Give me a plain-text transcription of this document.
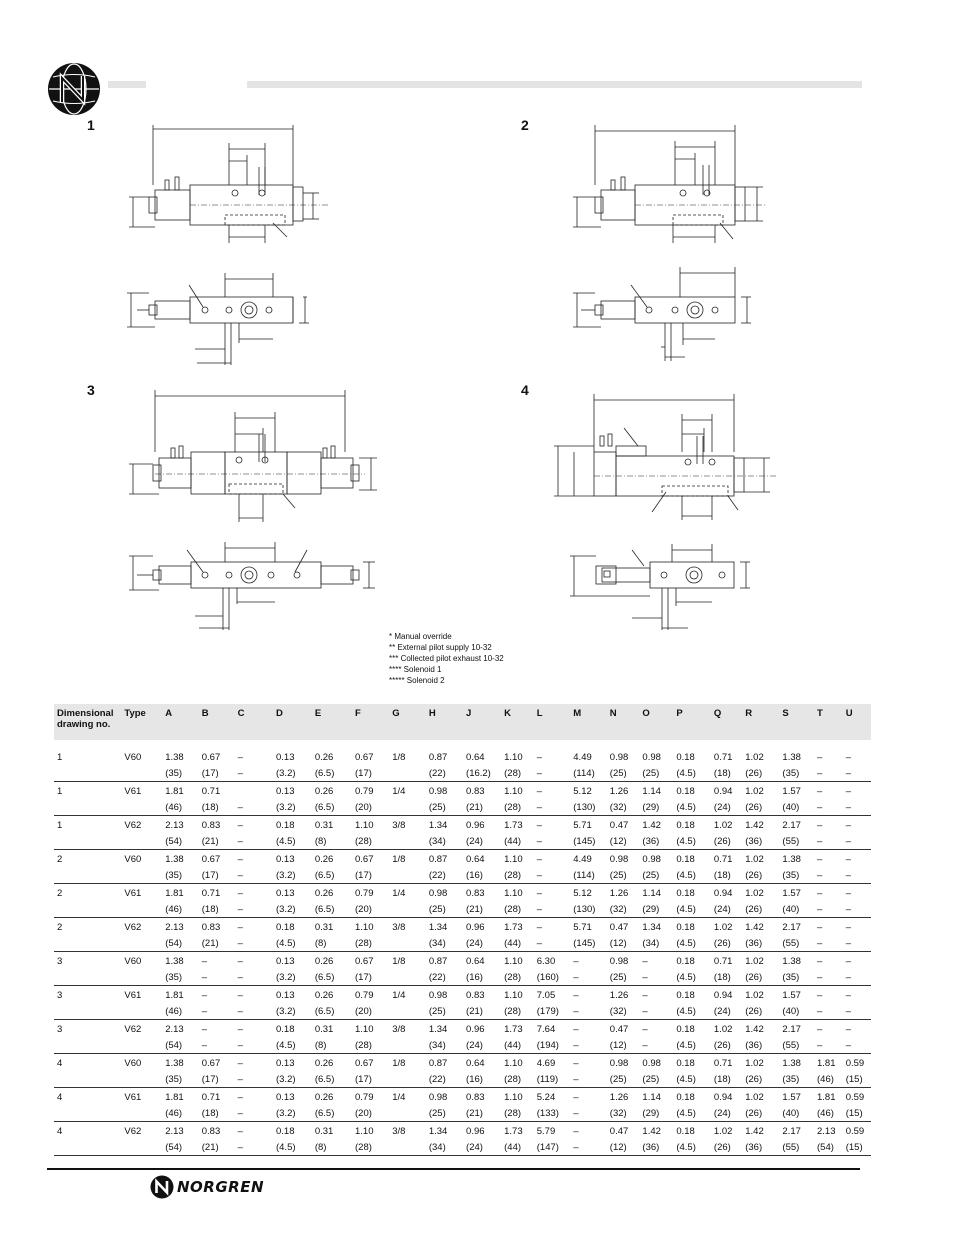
1	2
3	4
* Manual override
** External pilot supply 10-32
*** Collected pilot exhaust 10-32
**** Solenoid 1
***** Solenoid 2
Dimensional drawing no.	Type	A	B	C	D	E	F	G	H	J	K	L	M	N	O	P	Q	R	S	T	U
1	V60	1.38	0.67	–	0.13	0.26	0.67	1/8	0.87	0.64	1.10	–	4.49	0.98	0.98	0.18	0.71	1.02	1.38	–	–
		(35)	(17)	–	(3.2)	(6.5)	(17)		(22)	(16.2)	(28)	–	(114)	(25)	(25)	(4.5)	(18)	(26)	(35)	–	–
1	V61	1.81	0.71		0.13	0.26	0.79	1/4	0.98	0.83	1.10	–	5.12	1.26	1.14	0.18	0.94	1.02	1.57	–	–
		(46)	(18)	–	(3.2)	(6.5)	(20)		(25)	(21)	(28)	–	(130)	(32)	(29)	(4.5)	(24)	(26)	(40)	–	–
1	V62	2.13	0.83	–	0.18	0.31	1.10	3/8	1.34	0.96	1.73	–	5.71	0.47	1.42	0.18	1.02	1.42	2.17	–	–
		(54)	(21)	–	(4.5)	(8)	(28)		(34)	(24)	(44)	–	(145)	(12)	(36)	(4.5)	(26)	(36)	(55)	–	–
2	V60	1.38	0.67	–	0.13	0.26	0.67	1/8	0.87	0.64	1.10	–	4.49	0.98	0.98	0.18	0.71	1.02	1.38	–	–
		(35)	(17)	–	(3.2)	(6.5)	(17)		(22)	(16)	(28)	–	(114)	(25)	(25)	(4.5)	(18)	(26)	(35)	–	–
2	V61	1.81	0.71	–	0.13	0.26	0.79	1/4	0.98	0.83	1.10	–	5.12	1.26	1.14	0.18	0.94	1.02	1.57	–	–
		(46)	(18)	–	(3.2)	(6.5)	(20)		(25)	(21)	(28)	–	(130)	(32)	(29)	(4.5)	(24)	(26)	(40)	–	–
2	V62	2.13	0.83	–	0.18	0.31	1.10	3/8	1.34	0.96	1.73	–	5.71	0.47	1.34	0.18	1.02	1.42	2.17	–	–
		(54)	(21)	–	(4.5)	(8)	(28)		(34)	(24)	(44)	–	(145)	(12)	(34)	(4.5)	(26)	(36)	(55)	–	–
3	V60	1.38	–	–	0.13	0.26	0.67	1/8	0.87	0.64	1.10	6.30	–	0.98	–	0.18	0.71	1.02	1.38	–	–
		(35)	–	–	(3.2)	(6.5)	(17)		(22)	(16)	(28)	(160)	–	(25)	–	(4.5)	(18)	(26)	(35)	–	–
3	V61	1.81	–	–	0.13	0.26	0.79	1/4	0.98	0.83	1.10	7.05	–	1.26	–	0.18	0.94	1.02	1.57	–	–
		(46)	–	–	(3.2)	(6.5)	(20)		(25)	(21)	(28)	(179)	–	(32)	–	(4.5)	(24)	(26)	(40)	–	–
3	V62	2.13	–	–	0.18	0.31	1.10	3/8	1.34	0.96	1.73	7.64	–	0.47	–	0.18	1.02	1.42	2.17	–	–
		(54)	–	–	(4.5)	(8)	(28)		(34)	(24)	(44)	(194)	–	(12)	–	(4.5)	(26)	(36)	(55)	–	–
4	V60	1.38	0.67	–	0.13	0.26	0.67	1/8	0.87	0.64	1.10	4.69	–	0.98	0.98	0.18	0.71	1.02	1.38	1.81	0.59
		(35)	(17)	–	(3.2)	(6.5)	(17)		(22)	(16)	(28)	(119)	–	(25)	(25)	(4.5)	(18)	(26)	(35)	(46)	(15)
4	V61	1.81	0.71	–	0.13	0.26	0.79	1/4	0.98	0.83	1.10	5.24	–	1.26	1.14	0.18	0.94	1.02	1.57	1.81	0.59
		(46)	(18)	–	(3.2)	(6.5)	(20)		(25)	(21)	(28)	(133)	–	(32)	(29)	(4.5)	(24)	(26)	(40)	(46)	(15)
4	V62	2.13	0.83	–	0.18	0.31	1.10	3/8	1.34	0.96	1.73	5.79	–	0.47	1.42	0.18	1.02	1.42	2.17	2.13	0.59
		(54)	(21)	–	(4.5)	(8)	(28)		(34)	(24)	(44)	(147)	–	(12)	(36)	(4.5)	(26)	(36)	(55)	(54)	(15)
NORGREN
